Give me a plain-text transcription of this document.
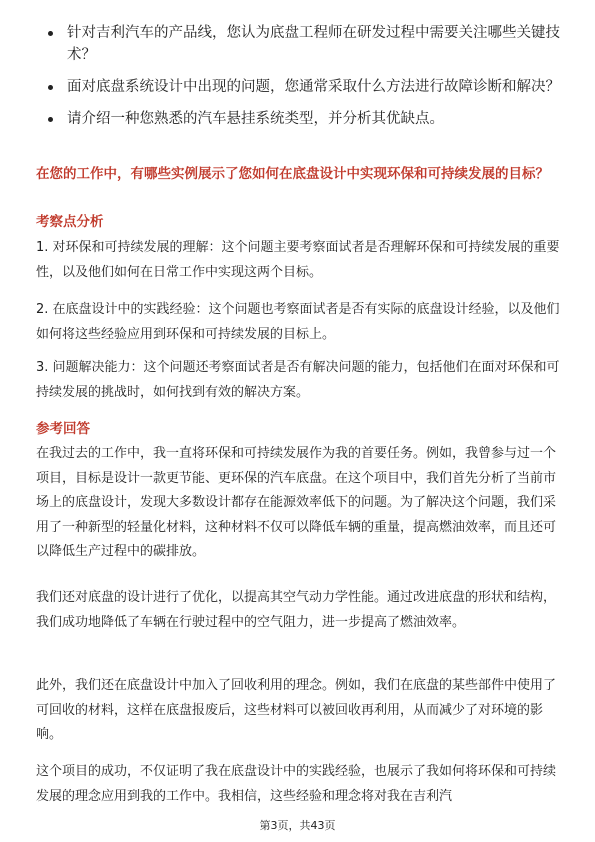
针对吉利汽车的产品线，您认为底盘工程师在研发过程中需要关注哪些关键技术？
面对底盘系统设计中出现的问题，您通常采取什么方法进行故障诊断和解决？
请介绍一种您熟悉的汽车悬挂系统类型，并分析其优缺点。
在您的工作中，有哪些实例展示了您如何在底盘设计中实现环保和可持续发展的目标？
考察点分析
1. 对环保和可持续发展的理解：这个问题主要考察面试者是否理解环保和可持续发展的重要性，以及他们如何在日常工作中实现这两个目标。
2. 在底盘设计中的实践经验：这个问题也考察面试者是否有实际的底盘设计经验，以及他们如何将这些经验应用到环保和可持续发展的目标上。
3. 问题解决能力：这个问题还考察面试者是否有解决问题的能力，包括他们在面对环保和可持续发展的挑战时，如何找到有效的解决方案。
参考回答
在我过去的工作中，我一直将环保和可持续发展作为我的首要任务。例如，我曾参与过一个项目，目标是设计一款更节能、更环保的汽车底盘。在这个项目中，我们首先分析了当前市场上的底盘设计，发现大多数设计都存在能源效率低下的问题。为了解决这个问题，我们采用了一种新型的轻量化材料，这种材料不仅可以降低车辆的重量，提高燃油效率，而且还可以降低生产过程中的碳排放。
我们还对底盘的设计进行了优化，以提高其空气动力学性能。通过改进底盘的形状和结构，我们成功地降低了车辆在行驶过程中的空气阻力，进一步提高了燃油效率。
此外，我们还在底盘设计中加入了回收利用的理念。例如，我们在底盘的某些部件中使用了可回收的材料，这样在底盘报废后，这些材料可以被回收再利用，从而减少了对环境的影响。
这个项目的成功，不仅证明了我在底盘设计中的实践经验，也展示了我如何将环保和可持续发展的理念应用到我的工作中。我相信，这些经验和理念将对我在吉利汽
第3页，共43页
